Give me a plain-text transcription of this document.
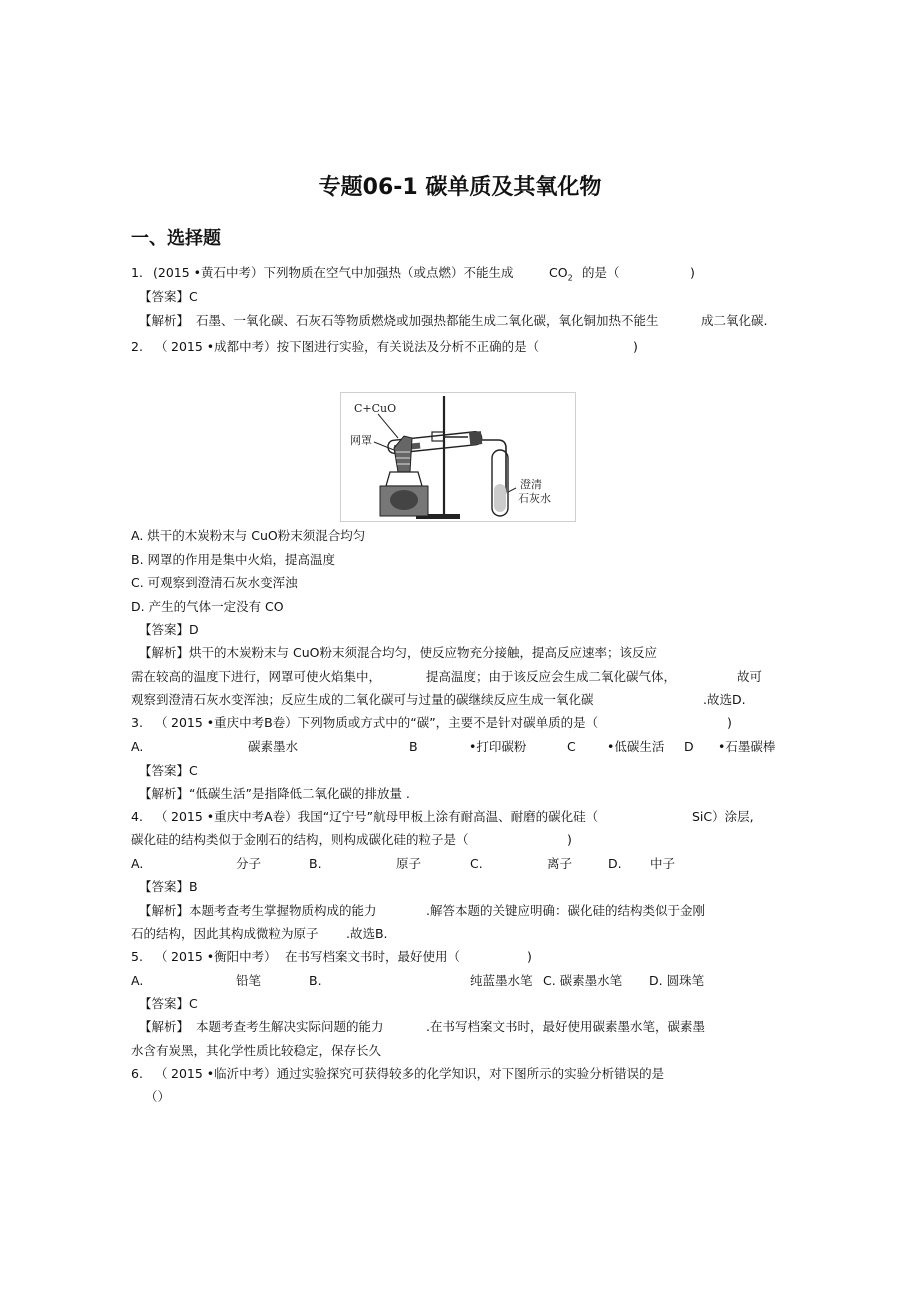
专题06-1 碳单质及其氧化物
一、选择题
1. (2015 •黄石中考）下列物质在空气中加强热（或点燃）不能生成	$CO_2$ 的是（	)
【答案】C
【解析】 石墨、一氧化碳、石灰石等物质燃烧或加强热都能生成二氧化碳，氧化铜加热不能生	成二氧化碳.
2. （ 2015 •成都中考）按下图进行实验，有关说法及分析不正确的是（	)
C+CuO
网罩
澄清
石灰水
A. 烘干的木炭粉末与 CuO粉末须混合均匀
B. 网罩的作用是集中火焰，提高温度
C. 可观察到澄清石灰水变浑浊
D. 产生的气体一定没有 CO
【答案】D
【解析】烘干的木炭粉末与 CuO粉末须混合均匀，使反应物充分接触，提高反应速率；该反应
需在较高的温度下进行，网罩可使火焰集中，	提高温度；由于该反应会生成二氧化碳气体，	故可
观察到澄清石灰水变浑浊；反应生成的二氧化碳可与过量的碳继续反应生成一氧化碳	.故选D.
3. （ 2015 •重庆中考B卷）下列物质或方式中的“碳”，主要不是针对碳单质的是（	)
A.	碳素墨水	B	•打印碳粉	C	•低碳生活 D •石墨碳棒
【答案】C
【解析】“低碳生活”是指降低二氧化碳的排放量 .
4. （ 2015 •重庆中考A卷）我国“辽宁号”航母甲板上涂有耐高温、耐磨的碳化硅（	SiC）涂层,
碳化硅的结构类似于金刚石的结构，则构成碳化硅的粒子是（	)
A.	分子	B.	原子	C.	离子	D. 中子
【答案】B
【解析】本题考查考生掌握物质构成的能力	.解答本题的关键应明确：碳化硅的结构类似于金刚
石的结构，因此其构成微粒为原子 .故选B.
5. （ 2015 •衡阳中考） 在书写档案文书时，最好使用（	)
A.	铅笔	B.	纯蓝墨水笔 C. 碳素墨水笔 D. 圆珠笔
【答案】C
【解析】 本题考查考生解决实际问题的能力	.在书写档案文书时，最好使用碳素墨水笔，碳素墨
水含有炭黑，其化学性质比较稳定，保存长久
6. （ 2015 •临沂中考）通过实验探究可获得较多的化学知识，对下图所示的实验分析错误的是
（）
